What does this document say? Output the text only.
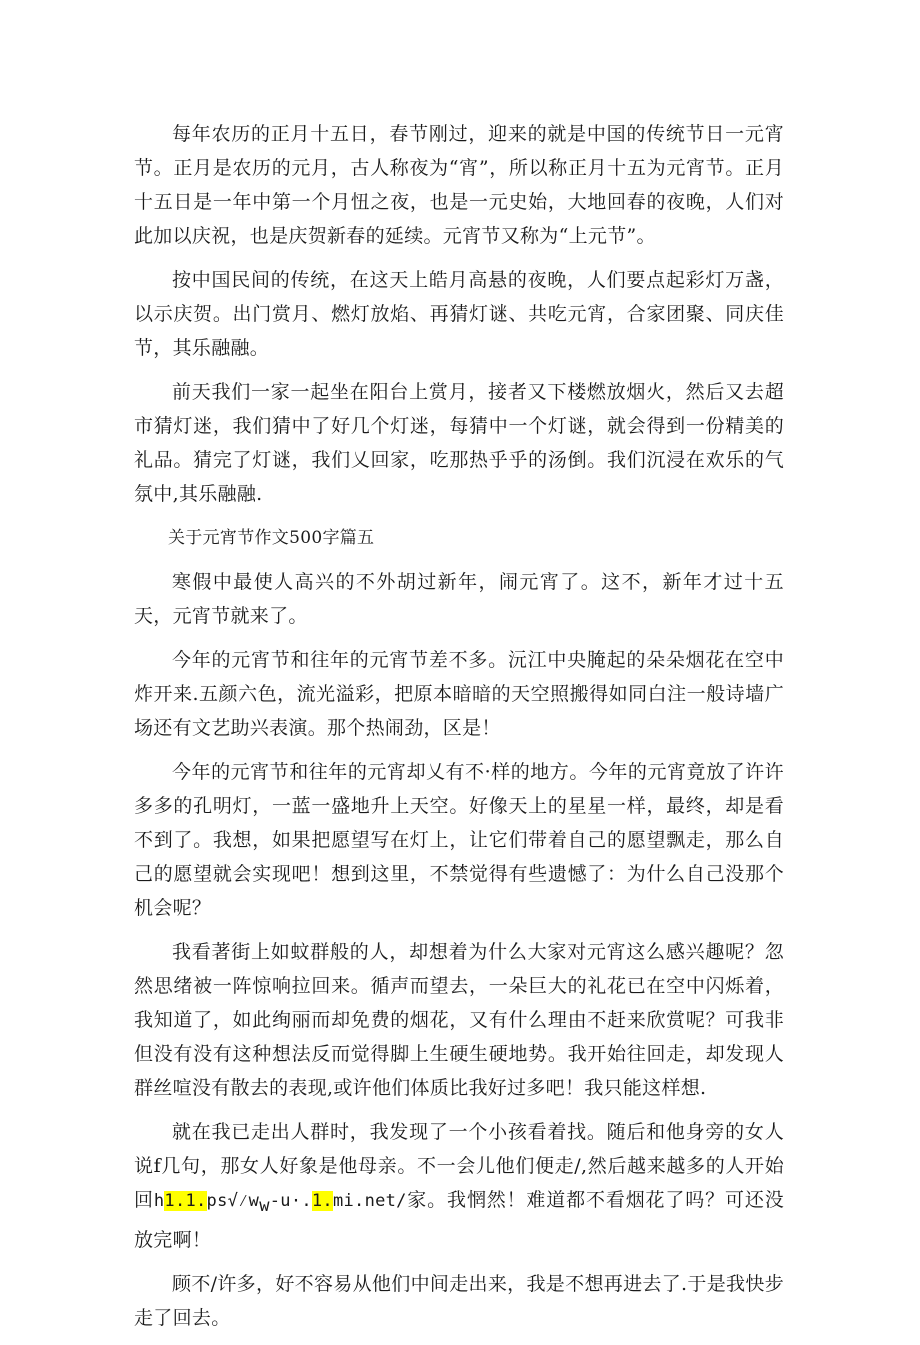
每年农历的正月十五日，春节刚过，迎来的就是中国的传统节日一元宵节。正月是农历的元月，古人称夜为“宵”，所以称正月十五为元宵节。正月十五日是一年中第一个月忸之夜，也是一元史始，大地回春的夜晚，人们对此加以庆祝，也是庆贺新春的延续。元宵节又称为“上元节”。

按中国民间的传统，在这天上皓月高悬的夜晚，人们要点起彩灯万盏，以示庆贺。出门赏月、燃灯放焰、再猜灯谜、共吃元宵，合家团聚、同庆佳节，其乐融融。

前天我们一家一起坐在阳台上赏月，接者又下楼燃放烟火，然后又去超市猜灯迷，我们猜中了好几个灯迷，每猜中一个灯谜，就会得到一份精美的礼品。猜完了灯谜，我们乂回家，吃那热乎乎的汤倒。我们沉浸在欢乐的气氛中,其乐融融.

关于元宵节作文500字篇五

寒假中最使人高兴的不外胡过新年，闹元宵了。这不，新年才过十五天，元宵节就来了。

今年的元宵节和往年的元宵节差不多。沅江中央腌起的朵朵烟花在空中炸开来.五颜六色，流光溢彩，把原本暗暗的天空照搬得如同白注一般诗墙广场还有文艺助兴表演。那个热闹劲，区是！

今年的元宵节和往年的元宵却乂有不·样的地方。今年的元宵竟放了许许多多的孔明灯，一蓝一盛地升上天空。好像天上的星星一样，最终，却是看不到了。我想，如果把愿望写在灯上，让它们带着自己的愿望飘走，那么自己的愿望就会实现吧！想到这里，不禁觉得有些遗憾了：为什么自己没那个机会呢？

我看著街上如蚊群般的人，却想着为什么大家对元宵这么感兴趣呢？忽然思绪被一阵惊响拉回来。循声而望去，一朵巨大的礼花已在空中闪烁着，我知道了，如此绚丽而却免费的烟花，又有什么理由不赶来欣赏呢？可我非但没有没有这种想法反而觉得脚上生硬生硬地势。我开始往回走，却发现人群丝喧没有散去的表现,或许他们体质比我好过多吧！我只能这样想.

就在我已走出人群时，我发现了一个小孩看着找。随后和他身旁的女人说f几句，那女人好象是他母亲。不一会儿他们便走/,然后越来越多的人开始回$h1.1.ps√⁄w_w-u\cdot.1.mi.net/$家。我惘然！难道都不看烟花了吗？可还没放完啊！

顾不/许多，好不容易从他们中间走出来，我是不想再进去了.于是我快步走了回去。
